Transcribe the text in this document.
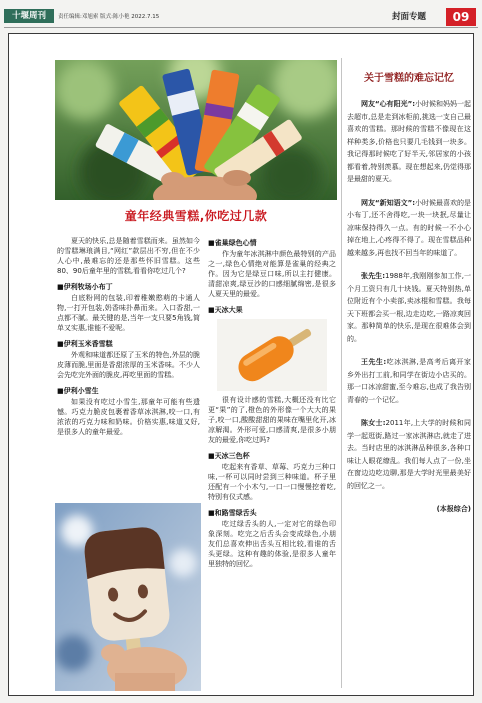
十堰周刊	责任编辑:邓旭索 版式:陈小艳 2022.7.15	封面专题	09
童年经典雪糕,你吃过几款

夏天的快乐,总是随着雪糕而来。虽然如今的雪糕琳琅满目,“网红”款层出不穷,但在不少人心中,最难忘的还是那些怀旧雪糕。这些80、90后童年里的雪糕,看看你吃过几个?

■伊利牧场小布丁

白底粉网的包装,印着稚嫩憨萌的卡通人物,一打开包装,奶香味扑鼻而来。入口香甜,一点都不腻。最关键的是,当年一支只要5角钱,简单又实惠,谁能不爱呢。

■伊利玉米香雪糕

外观和味道都还原了玉米的特色,外层的脆皮薄而脆,里面是香甜浓厚的玉米香味。不少人会先吃完外面的脆皮,再吃里面的雪糕。

■伊利小雪生

如果没有吃过小雪生,那童年可能有些遗憾。巧克力脆皮包裹着香草冰淇淋,咬一口,有浓浓的巧克力味和奶味。价格实惠,味道又好,是很多人的童年最爱。

■雀巢绿色心情

作为童年冰淇淋中颜色最特别的产品之一,绿色心情绝对能算是雀巢的经典之作。因为它是绿豆口味,所以主打健康。清甜凉爽,绿豆沙的口感细腻绵密,是很多人夏天里的最爱。

■天冰大果

很有设计感的雪糕,大概还没有比它更“果”的了,橙色的外形像一个大大的果子,咬一口,酸酸甜甜的果味在嘴里化开,冰凉解渴。外形可爱,口感清爽,是很多小朋友的最爱,你吃过吗?

■天冰三色杯

吃起来有香草、草莓、巧克力三种口味,一杯可以同时尝到三种味道。杯子里还配有一个小木勺,一口一口慢慢挖着吃,特别有仪式感。

■和路雪绿舌头

吃过绿舌头的人,一定对它的绿色印象深刻。吃完之后舌头会变成绿色,小朋友们总喜欢伸出舌头互相比较,看谁的舌头更绿。这种有趣的体验,是很多人童年里独特的回忆。

关于雪糕的难忘记忆

网友“心有阳光”:小时候和妈妈一起去超市,总是走到冰柜前,挑选一支自己最喜欢的雪糕。那时候的雪糕不像现在这样种类多,价格也只要几毛钱到一块多。我记得那时候吃了好半天,邻居家的小孩都看着,特别羡慕。现在想起来,仍觉得那是最甜的夏天。

网友“新知语文”:小时候最喜欢的是小布丁,还不舍得吃,一块一块抿,尽量让凉味保持得久一点。有的时候一不小心掉在地上,心疼得不得了。现在雪糕品种越来越多,再也找不回当年的味道了。

张先生:1988年,我刚刚参加工作,一个月工资只有几十块钱。夏天特别热,单位附近有个小卖部,卖冰棍和雪糕。我每天下班都会买一根,边走边吃,一路凉爽回家。那种简单的快乐,是现在很难体会到的。

王先生:吃冰淇淋,是高考后离开家乡外出打工前,和同学在街边小店买的。那一口冰凉甜蜜,至今难忘,也成了我告别青春的一个记忆。

陈女士:2011年,上大学的时候和同学一起逛街,路过一家冰淇淋店,就走了进去。当时店里的冰淇淋品种很多,各种口味让人眼花缭乱。我们每人点了一份,坐在窗边边吃边聊,那是大学时光里最美好的回忆之一。

(本报综合)
